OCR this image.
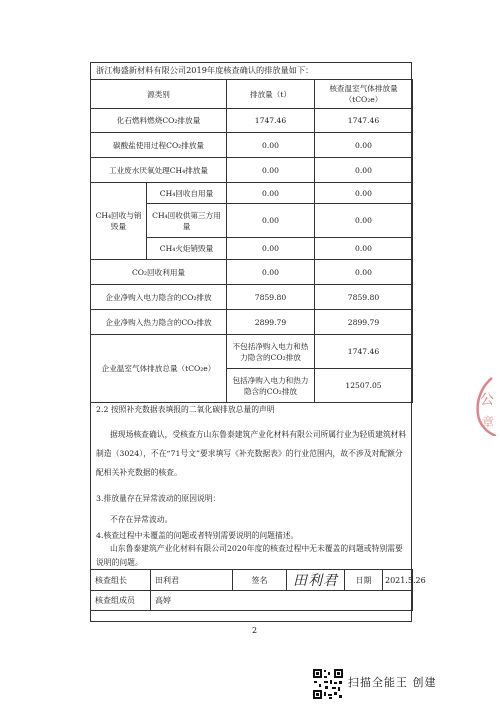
浙江梅盛新材料有限公司2019年度核查确认的排放量如下：
源类别		排放量（t）	核查温室气体排放量
（tCO₂e）
化石燃料燃烧CO₂排放量		1747.46	1747.46
碳酸盐使用过程CO₂排放量		0.00	0.00
工业废水厌氧处理CH₄排放量		0.00	0.00
CH₄回收与销毁量	CH₄回收自用量	0.00	0.00
	CH₄回收供第三方用量	0.00	0.00
	CH₄火炬销毁量	0.00	0.00
CO₂回收利用量		0.00	0.00
企业净购入电力隐含的CO₂排放		7859.80	7859.80
企业净购入热力隐含的CO₂排放		2899.79	2899.79
企业温室气体排放总量（tCO₂e）		不包括净购入电力和热力隐含的CO₂排放	1747.46
		包括净购入电力和热力隐含的CO₂排放	12507.05
2.2 按照补充数据表填报的二氧化碳排放总量的声明
据现场核查确认，受核查方山东鲁泰建筑产业化材料有限公司所属行业为轻质建筑材料制造（3024），不在“71号文”要求填写《补充数据表》的行业范围内，故不涉及对配额分配相关补充数据的核查。
3.排放量存在异常波动的原因说明：
不存在异常波动。
4.核查过程中未覆盖的问题或者特别需要说明的问题描述。
山东鲁泰建筑产业化材料有限公司2020年度的核查过程中无未覆盖的问题或特别需要说明的问题。
核查组长	田利君	签名	田利君	日期	2021.5.26
核查组成员	高婷				
2
公
章
扫描全能王 创建
